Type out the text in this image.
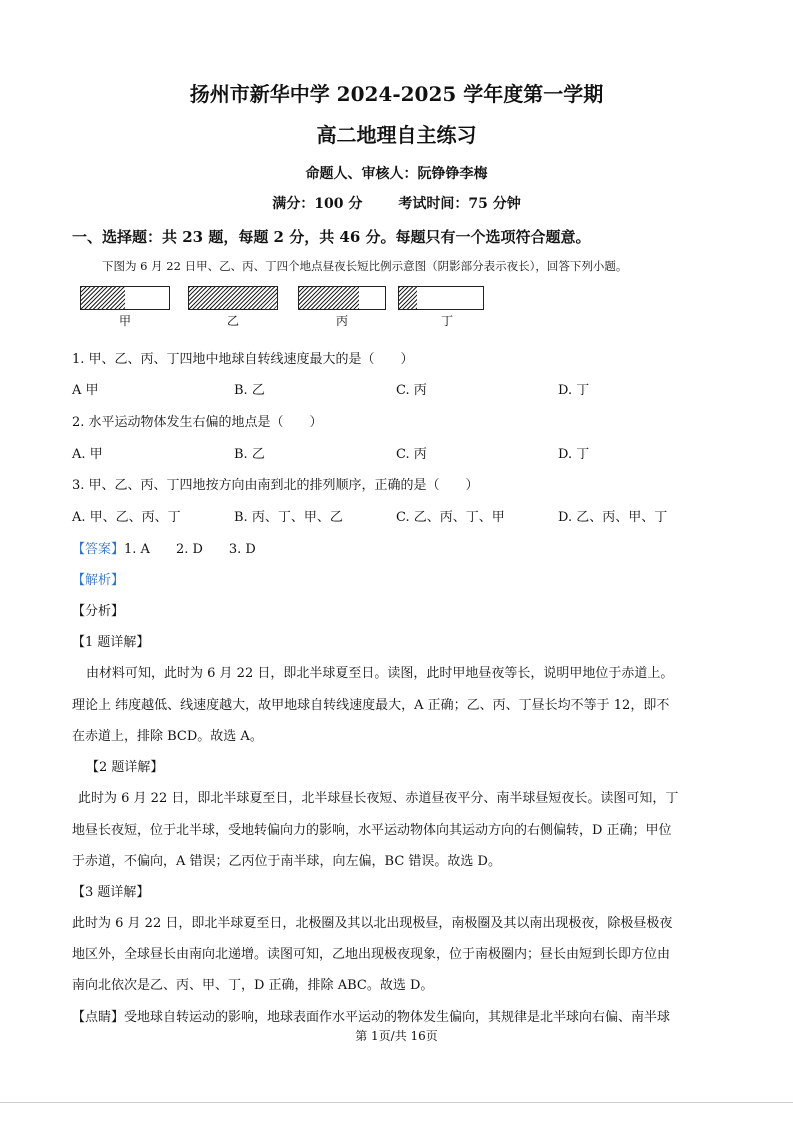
扬州市新华中学 2024-2025 学年度第一学期
高二地理自主练习
命题人、审核人：阮铮铮李梅
满分：100 分	考试时间：75 分钟
一、选择题：共 23 题，每题 2 分，共 46 分。每题只有一个选项符合题意。
下图为 6 月 22 日甲、乙、丙、丁四个地点昼夜长短比例示意图（阴影部分表示夜长），回答下列小题。
甲	乙	丙	丁
1. 甲、乙、丙、丁四地中地球自转线速度最大的是（　　）
A 甲	B. 乙	C. 丙	D. 丁
2. 水平运动物体发生右偏的地点是（　　）
A. 甲	B. 乙	C. 丙	D. 丁
3. 甲、乙、丙、丁四地按方向由南到北的排列顺序，正确的是（　　）
A. 甲、乙、丙、丁	B. 丙、丁、甲、乙	C. 乙、丙、丁、甲	D. 乙、丙、甲、丁
【答案】1. A　　2. D　　3. D
【解析】
【分析】
【1 题详解】
由材料可知，此时为 6 月 22 日，即北半球夏至日。读图，此时甲地昼夜等长，说明甲地位于赤道上。
理论上 纬度越低、线速度越大，故甲地球自转线速度最大，A 正确；乙、丙、丁昼长均不等于 12，即不
在赤道上，排除 BCD。故选 A。
【2 题详解】
此时为 6 月 22 日，即北半球夏至日，北半球昼长夜短、赤道昼夜平分、南半球昼短夜长。读图可知，丁
地昼长夜短，位于北半球，受地转偏向力的影响，水平运动物体向其运动方向的右侧偏转，D 正确；甲位
于赤道，不偏向，A 错误；乙丙位于南半球，向左偏，BC 错误。故选 D。
【3 题详解】
此时为 6 月 22 日，即北半球夏至日，北极圈及其以北出现极昼，南极圈及其以南出现极夜，除极昼极夜
地区外，全球昼长由南向北递增。读图可知，乙地出现极夜现象，位于南极圈内；昼长由短到长即方位由
南向北依次是乙、丙、甲、丁，D 正确，排除 ABC。故选 D。
【点睛】受地球自转运动的影响，地球表面作水平运动的物体发生偏向，其规律是北半球向右偏、南半球
第 1页/共 16页
